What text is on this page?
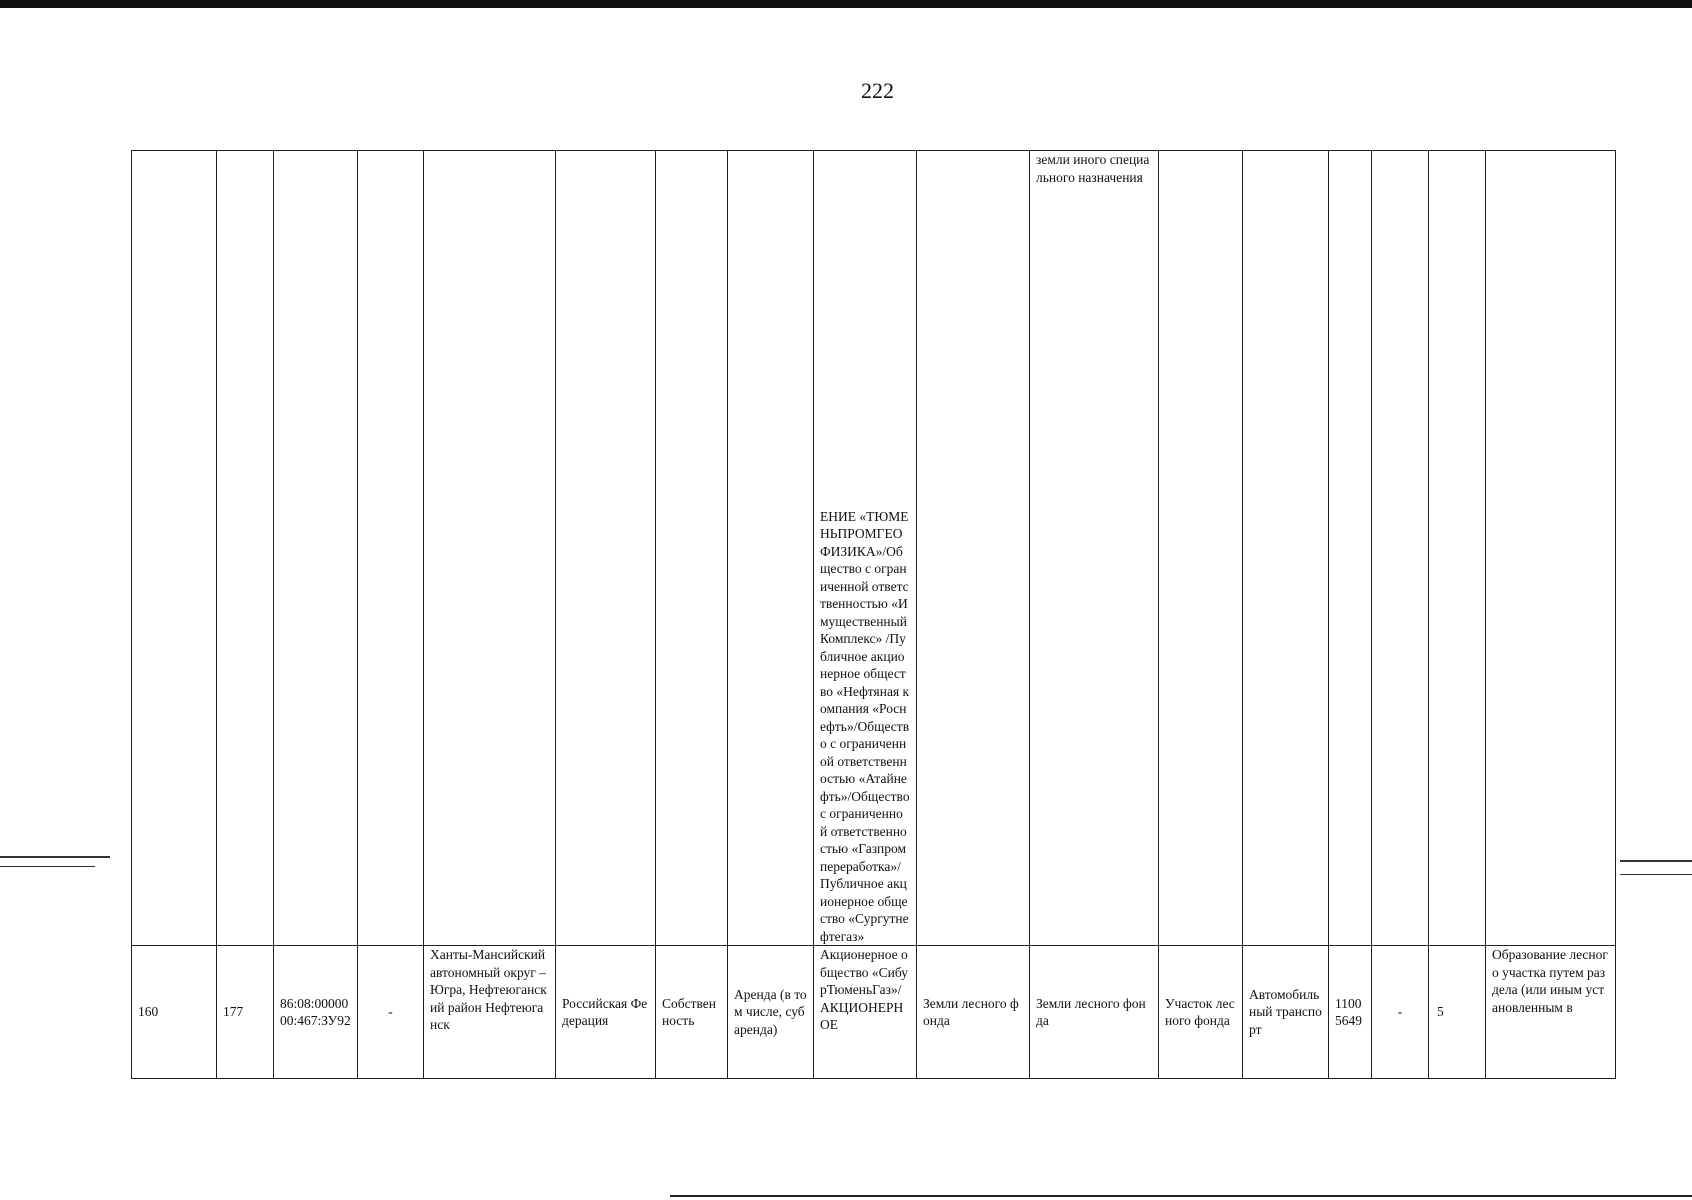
222
								ЕНИЕ «ТЮМЕНЬПРОМГЕОФИЗИКА»/Общество с ограниченной ответственностью «Имущественный Комплекс» /Публичное акционерное общество «Нефтяная компания «Роснефть»/Общество с ограниченной ответственностью «Атайнефть»/Общество с ограниченной ответственностью «Газпром переработка»/Публичное акционерное общество «Сургутнефтегаз»		земли иного специального назначения						
160	177	86:08:0000000:467:ЗУ92	-	Ханты-Мансийский автономный округ – Югра, Нефтеюганский район Нефтеюганск	Российская Федерация	Собственность	Аренда (в том числе, субаренда)	Акционерное общество «СибурТюменьГаз»/ АКЦИОНЕРНОЕ	Земли лесного фонда	Земли лесного фонда	Участок лесного фонда	Автомобильный транспорт	11005649	-	5	Образование лесного участка путем раздела (или иным установленным в
